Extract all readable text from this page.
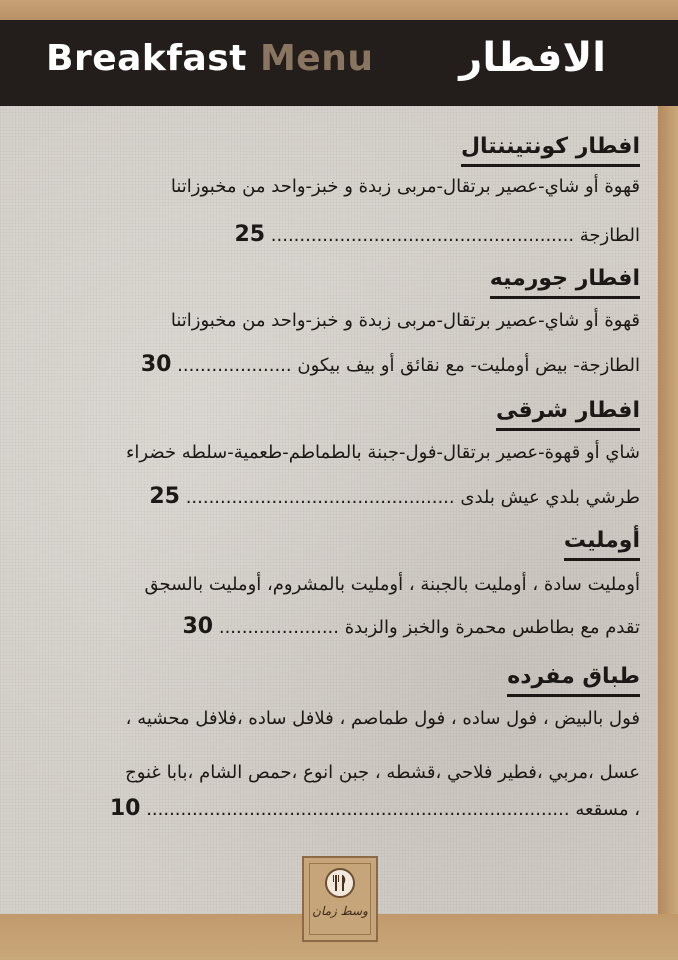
Breakfast Menu الافطار
افطار كونتيننتال
قهوة أو شاي-عصير برتقال-مربى زبدة و خبز-واحد من مخبوزاتنا
الطازجة ..................................................... 25
افطار جورميه
قهوة أو شاي-عصير برتقال-مربى زبدة و خبز-واحد من مخبوزاتنا
الطازجة- بيض أومليت- مع نقائق أو بيف بيكون .................... 30
افطار شرقى
شاي أو قهوة-عصير برتقال-فول-جبنة بالطماطم-طعمية-سلطه خضراء
طرشي بلدي عيش بلدى ............................................... 25
أومليت
أومليت سادة ، أومليت بالجبنة ، أومليت بالمشروم، أومليت بالسجق
تقدم مع بطاطس محمرة والخبز والزبدة ..................... 30
طباق مفرده
فول بالبيض ، فول ساده ، فول طماصم ، فلافل ساده ،فلافل محشيه ،
عسل ،مربي ،فطير فلاحي ،قشطه ، جبن انوع ،حمص الشام ،بابا غنوج
، مسقعه .......................................................................... 10
وسط زمان
